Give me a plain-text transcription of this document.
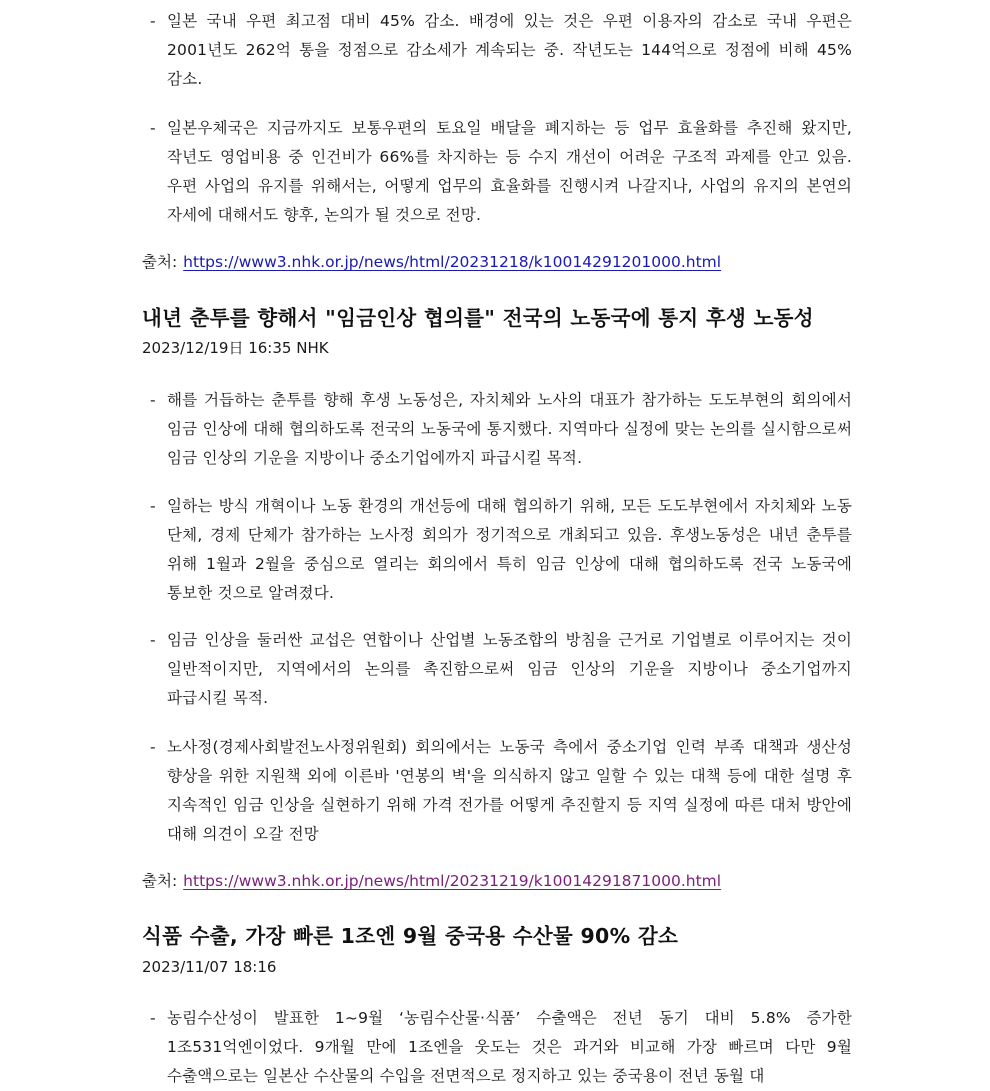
- 일본 국내 우편 최고점 대비 45% 감소. 배경에 있는 것은 우편 이용자의 감소로 국내 우편은 2001년도 262억 통을 정점으로 감소세가 계속되는 중. 작년도는 144억으로 정점에 비해 45% 감소.
- 일본우체국은 지금까지도 보통우편의 토요일 배달을 폐지하는 등 업무 효율화를 추진해 왔지만, 작년도 영업비용 중 인건비가 66%를 차지하는 등 수지 개선이 어려운 구조적 과제를 안고 있음. 우편 사업의 유지를 위해서는, 어떻게 업무의 효율화를 진행시켜 나갈지나, 사업의 유지의 본연의 자세에 대해서도 향후, 논의가 될 것으로 전망.
출처: https://www3.nhk.or.jp/news/html/20231218/k10014291201000.html
내년 춘투를 향해서 "임금인상 협의를" 전국의 노동국에 통지 후생 노동성
2023/12/19日 16:35 NHK
- 해를 거듭하는 춘투를 향해 후생 노동성은, 자치체와 노사의 대표가 참가하는 도도부현의 회의에서 임금 인상에 대해 협의하도록 전국의 노동국에 통지했다. 지역마다 실정에 맞는 논의를 실시함으로써 임금 인상의 기운을 지방이나 중소기업에까지 파급시킬 목적.
- 일하는 방식 개혁이나 노동 환경의 개선등에 대해 협의하기 위해, 모든 도도부현에서 자치체와 노동 단체, 경제 단체가 참가하는 노사정 회의가 정기적으로 개최되고 있음. 후생노동성은 내년 춘투를 위해 1월과 2월을 중심으로 열리는 회의에서 특히 임금 인상에 대해 협의하도록 전국 노동국에 통보한 것으로 알려졌다.
- 임금 인상을 둘러싼 교섭은 연합이나 산업별 노동조합의 방침을 근거로 기업별로 이루어지는 것이 일반적이지만, 지역에서의 논의를 촉진함으로써 임금 인상의 기운을 지방이나 중소기업까지 파급시킬 목적.
- 노사정(경제사회발전노사정위원회) 회의에서는 노동국 측에서 중소기업 인력 부족 대책과 생산성 향상을 위한 지원책 외에 이른바 '연봉의 벽'을 의식하지 않고 일할 수 있는 대책 등에 대한 설명 후 지속적인 임금 인상을 실현하기 위해 가격 전가를 어떻게 추진할지 등 지역 실정에 따른 대처 방안에 대해 의견이 오갈 전망
출처: https://www3.nhk.or.jp/news/html/20231219/k10014291871000.html
식품 수출, 가장 빠른 1조엔 9월 중국용 수산물 90% 감소
2023/11/07 18:16
- 농림수산성이 발표한 1~9월 ‘농림수산물·식품’ 수출액은 전년 동기 대비 5.8% 증가한 1조531억엔이었다. 9개월 만에 1조엔을 웃도는 것은 과거와 비교해 가장 빠르며 다만 9월 수출액으로는 일본산 수산물의 수입을 전면적으로 정지하고 있는 중국용이 전년 동월 대
